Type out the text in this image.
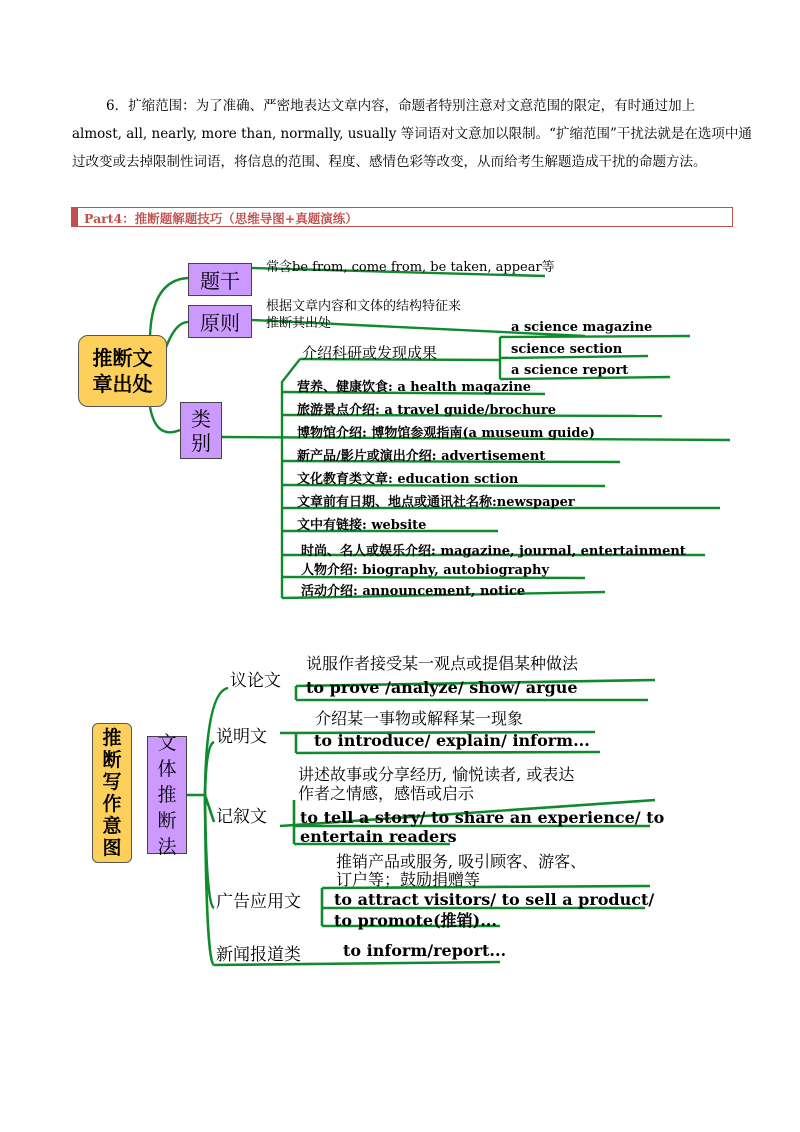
6．扩缩范围：为了准确、严密地表达文章内容，命题者特别注意对文意范围的限定，有时通过加上
almost, all, nearly, more than, normally, usually 等词语对文意加以限制。“扩缩范围”干扰法就是在选项中通
过改变或去掉限制性词语，将信息的范围、程度、感情色彩等改变，从而给考生解题造成干扰的命题方法。

Part4：推断题解题技巧（思维导图+真题演练）
推断文章出处
题干
原则
类别
常含be from, come from, be taken, appear等
根据文章内容和文体的结构特征来
推断其出处
介绍科研或发现成果
a science magazine
science section
a science report
营养、健康饮食: a health magazine
旅游景点介绍: a travel guide/brochure
博物馆介绍: 博物馆参观指南(a museum guide)
新产品/影片或演出介绍: advertisement
文化教育类文章: education sction
文章前有日期、地点或通讯社名称:newspaper
文中有链接: website
时尚、名人或娱乐介绍: magazine, journal, entertainment
人物介绍: biography, autobiography
活动介绍: announcement, notice
推
断
写
作
意
图
文
体
推
断
法
议论文
说服作者接受某一观点或提倡某种做法
to prove /analyze/ show/ argue
说明文
介绍某一事物或解释某一现象
to introduce/ explain/ inform...
记叙文
讲述故事或分享经历, 愉悦读者, 或表达
作者之情感，感悟或启示
to tell a story/ to share an experience/ to
entertain readers
广告应用文
推销产品或服务, 吸引顾客、游客、
订户等；鼓励捐赠等
to attract visitors/ to sell a product/
to promote(推销)...
新闻报道类	to inform/report...
